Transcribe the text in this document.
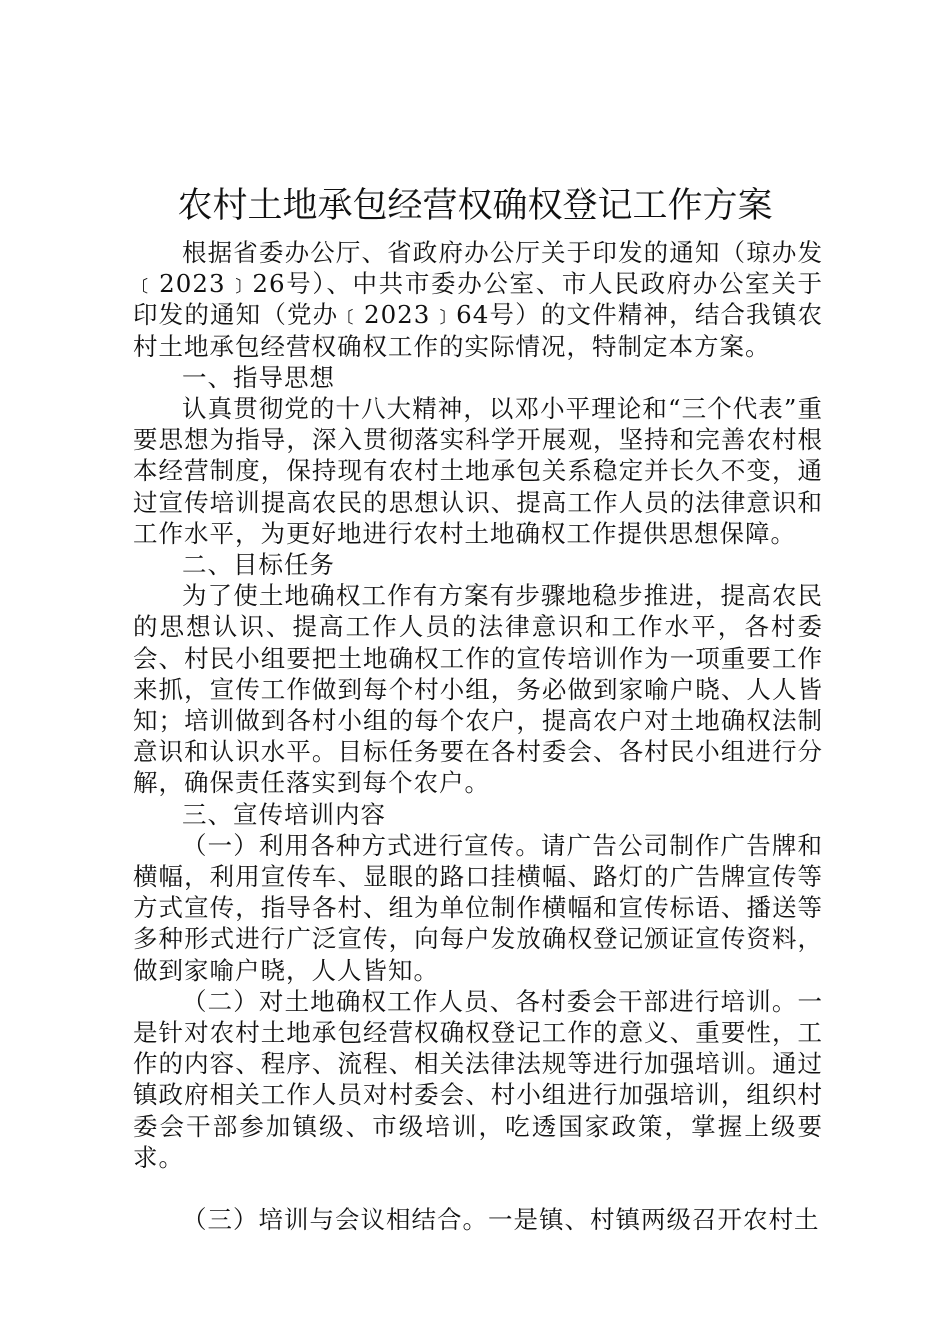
农村土地承包经营权确权登记工作方案

根据省委办公厅、省政府办公厅关于印发的通知（琼办发﹝2023﹞26号）、中共市委办公室、市人民政府办公室关于印发的通知（党办﹝2023﹞64号）的文件精神，结合我镇农村土地承包经营权确权工作的实际情况，特制定本方案。

一、指导思想

认真贯彻党的十八大精神，以邓小平理论和“三个代表”重要思想为指导，深入贯彻落实科学开展观，坚持和完善农村根本经营制度，保持现有农村土地承包关系稳定并长久不变，通过宣传培训提高农民的思想认识、提高工作人员的法律意识和工作水平，为更好地进行农村土地确权工作提供思想保障。

二、目标任务

为了使土地确权工作有方案有步骤地稳步推进，提高农民的思想认识、提高工作人员的法律意识和工作水平，各村委会、村民小组要把土地确权工作的宣传培训作为一项重要工作来抓，宣传工作做到每个村小组，务必做到家喻户晓、人人皆知；培训做到各村小组的每个农户，提高农户对土地确权法制意识和认识水平。目标任务要在各村委会、各村民小组进行分解，确保责任落实到每个农户。

三、宣传培训内容

（一）利用各种方式进行宣传。请广告公司制作广告牌和横幅，利用宣传车、显眼的路口挂横幅、路灯的广告牌宣传等方式宣传，指导各村、组为单位制作横幅和宣传标语、播送等多种形式进行广泛宣传，向每户发放确权登记颁证宣传资料，做到家喻户晓，人人皆知。

（二）对土地确权工作人员、各村委会干部进行培训。一是针对农村土地承包经营权确权登记工作的意义、重要性，工作的内容、程序、流程、相关法律法规等进行加强培训。通过镇政府相关工作人员对村委会、村小组进行加强培训，组织村委会干部参加镇级、市级培训，吃透国家政策，掌握上级要求。

（三）培训与会议相结合。一是镇、村镇两级召开农村土
